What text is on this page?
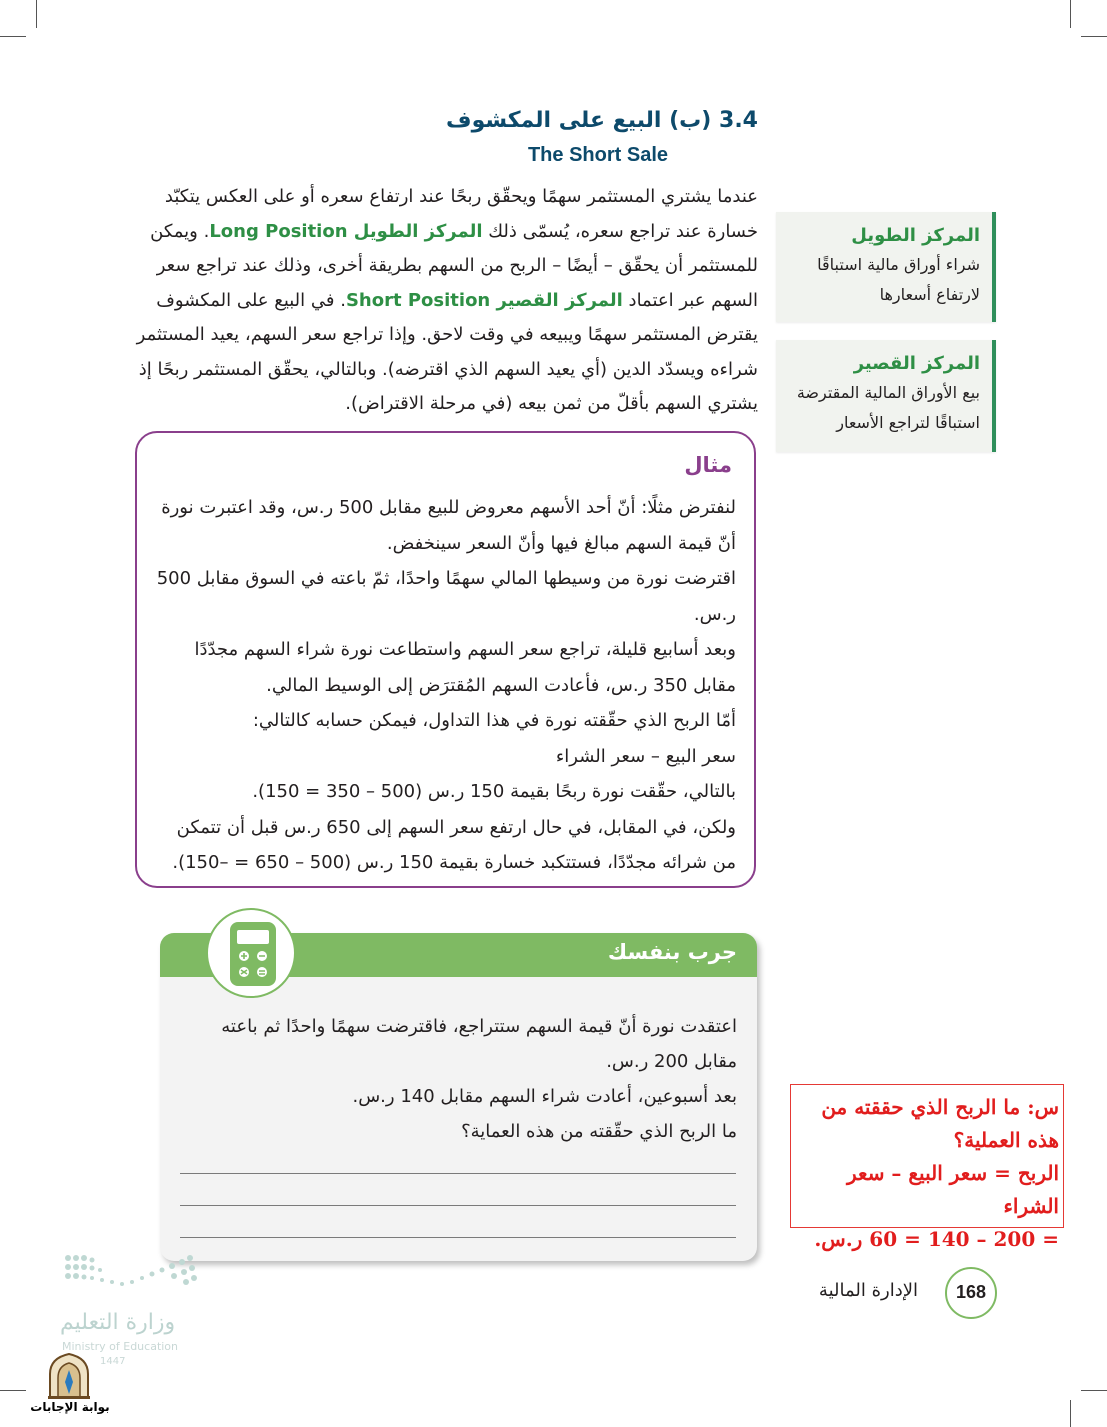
3.4 (ب) البيع على المكشوف
The Short Sale

عندما يشتري المستثمر سهمًا ويحقّق ربحًا عند ارتفاع سعره أو على العكس يتكبّد خسارة عند تراجع سعره، يُسمّى ذلك المركز الطويل Long Position. ويمكن للمستثمر أن يحقّق – أيضًا – الربح من السهم بطريقة أخرى، وذلك عند تراجع سعر السهم عبر اعتماد المركز القصير Short Position. في البيع على المكشوف يقترض المستثمر سهمًا ويبيعه في وقت لاحق. وإذا تراجع سعر السهم، يعيد المستثمر شراءه ويسدّد الدين (أي يعيد السهم الذي اقترضه). وبالتالي، يحقّق المستثمر ربحًا إذ يشتري السهم بأقلّ من ثمن بيعه (في مرحلة الاقتراض).

المركز الطويل
شراء أوراق مالية استباقًا لارتفاع أسعارها
المركز القصير
بيع الأوراق المالية المقترضة استباقًا لتراجع الأسعار
مثال

لنفترض مثلًا: أنّ أحد الأسهم معروض للبيع مقابل 500 ر.س، وقد اعتبرت نورة أنّ قيمة السهم مبالغ فيها وأنّ السعر سينخفض.

اقترضت نورة من وسيطها المالي سهمًا واحدًا، ثمّ باعته في السوق مقابل 500 ر.س.

وبعد أسابيع قليلة، تراجع سعر السهم واستطاعت نورة شراء السهم مجدّدًا مقابل 350 ر.س، فأعادت السهم المُقترَض إلى الوسيط المالي.

أمّا الربح الذي حقّقته نورة في هذا التداول، فيمكن حسابه كالتالي:

سعر البيع – سعر الشراء

بالتالي، حقّقت نورة ربحًا بقيمة 150 ر.س (500 – 350 = 150).

ولكن، في المقابل، في حال ارتفع سعر السهم إلى 650 ر.س قبل أن تتمكن من شرائه مجدّدًا، فستتكبد خسارة بقيمة 150 ر.س (500 – 650 = –150).

جرب بنفسك

اعتقدت نورة أنّ قيمة السهم ستتراجع، فاقترضت سهمًا واحدًا ثم باعته مقابل 200 ر.س.

بعد أسبوعين، أعادت شراء السهم مقابل 140 ر.س.

ما الربح الذي حقّقته من هذه العماية؟

س: ما الربح الذي حققته من هذه العملية؟
الربح = سعر البيع – سعر الشراء
= 200 – 140 = 60 ر.س.
168
الإدارة المالية
وزارة التعليم
Ministry of Education
1447
بوابة الإجابات
